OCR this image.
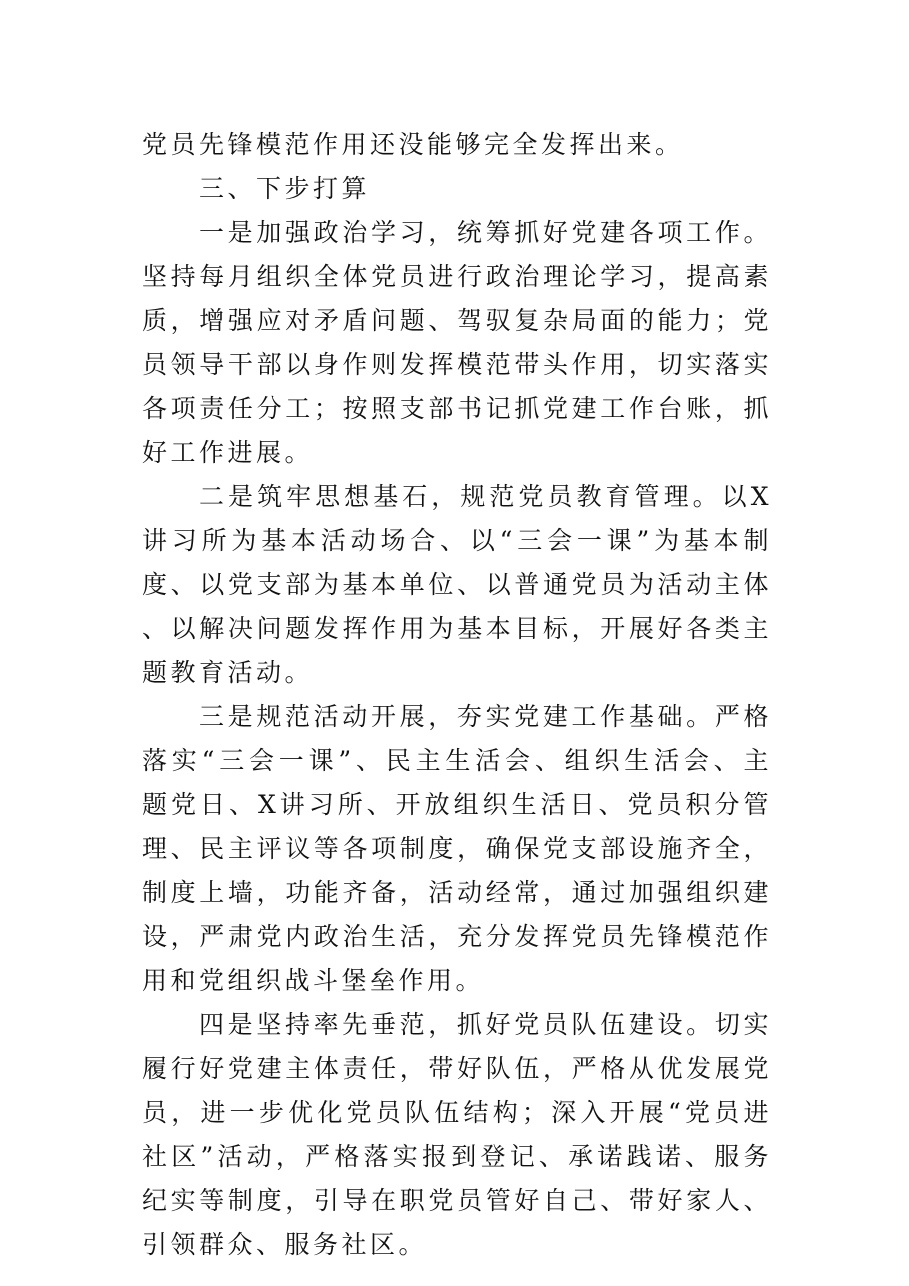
党员先锋模范作用还没能够完全发挥出来。

三、下步打算

一是加强政治学习，统筹抓好党建各项工作。坚持每月组织全体党员进行政治理论学习，提高素质，增强应对矛盾问题、驾驭复杂局面的能力；党员领导干部以身作则发挥模范带头作用，切实落实各项责任分工；按照支部书记抓党建工作台账，抓好工作进展。

二是筑牢思想基石，规范党员教育管理。以X讲习所为基本活动场合、以“三会一课”为基本制度、以党支部为基本单位、以普通党员为活动主体、以解决问题发挥作用为基本目标，开展好各类主题教育活动。

三是规范活动开展，夯实党建工作基础。严格落实“三会一课”、民主生活会、组织生活会、主题党日、X讲习所、开放组织生活日、党员积分管理、民主评议等各项制度，确保党支部设施齐全，制度上墙，功能齐备，活动经常，通过加强组织建设，严肃党内政治生活，充分发挥党员先锋模范作用和党组织战斗堡垒作用。

四是坚持率先垂范，抓好党员队伍建设。切实履行好党建主体责任，带好队伍，严格从优发展党员，进一步优化党员队伍结构；深入开展“党员进社区”活动，严格落实报到登记、承诺践诺、服务纪实等制度，引导在职党员管好自己、带好家人、引领群众、服务社区。
